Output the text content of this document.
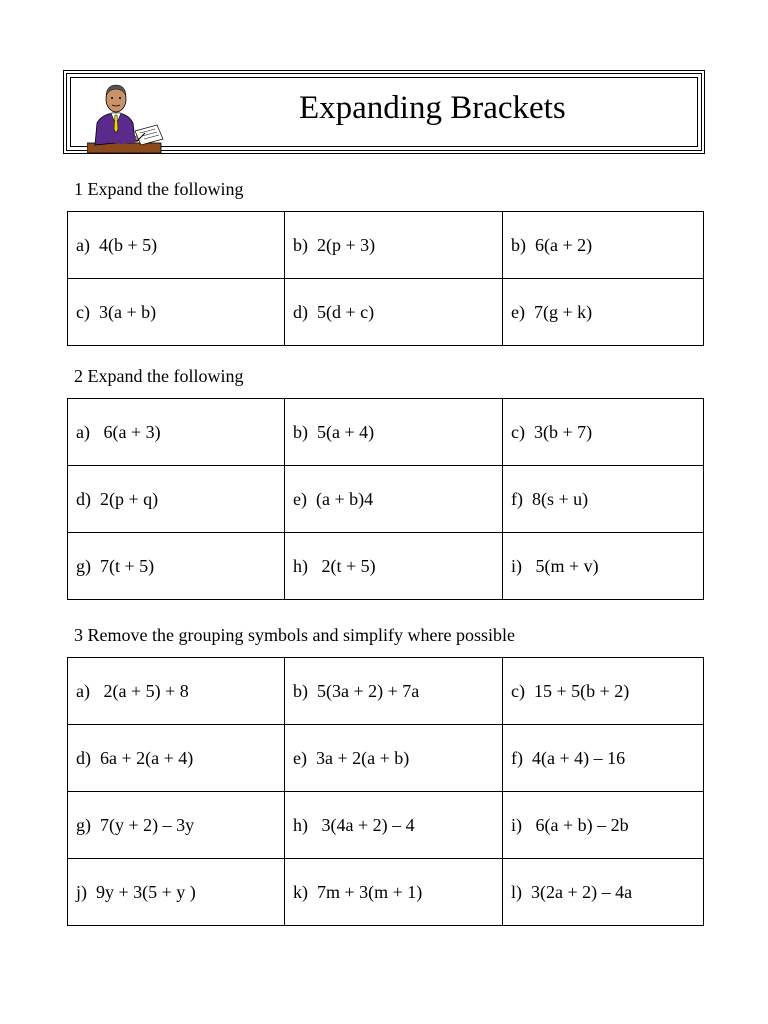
Expanding Brackets
1 Expand the following
a)  4(b + 5)	b)  2(p + 3)	b)  6(a + 2)
c)  3(a + b)	d)  5(d + c)	e)  7(g + k)
2 Expand the following
a)   6(a + 3)	b)  5(a + 4)	c)  3(b + 7)
d)  2(p + q)	e)  (a + b)4	f)  8(s + u)
g)  7(t + 5)	h)   2(t + 5)	i)   5(m + v)
3 Remove the grouping symbols and simplify where possible
a)   2(a + 5) + 8	b)  5(3a + 2) + 7a	c)  15 + 5(b + 2)
d)  6a + 2(a + 4)	e)  3a + 2(a + b)	f)  4(a + 4) – 16
g)  7(y + 2) – 3y	h)   3(4a + 2) – 4	i)   6(a + b) – 2b
j)  9y + 3(5 + y )	k)  7m + 3(m + 1)	l)  3(2a + 2) – 4a
